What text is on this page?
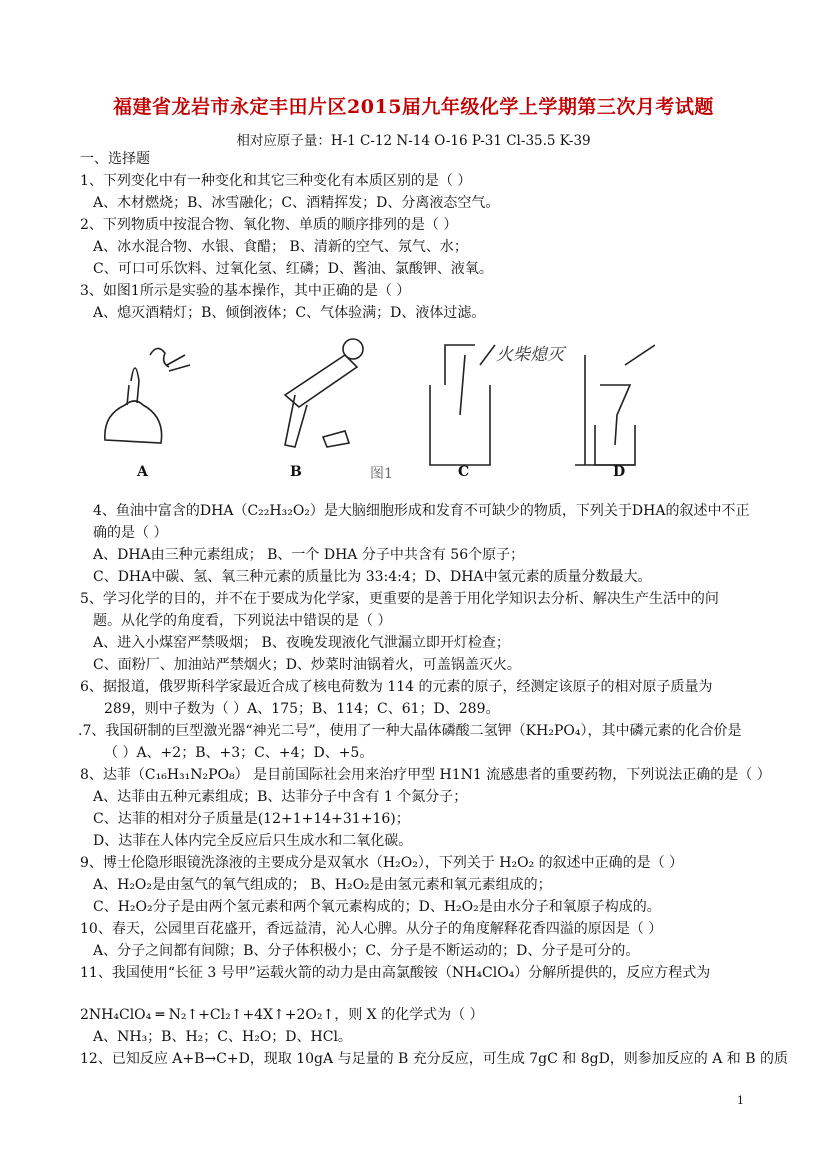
福建省龙岩市永定丰田片区2015届九年级化学上学期第三次月考试题
相对应原子量：H-1 C-12 N-14 O-16 P-31 Cl-35.5 K-39
一、选择题
1、下列变化中有一种变化和其它三种变化有本质区别的是（ ）
A、木材燃烧；B、冰雪融化；C、酒精挥发；D、分离液态空气。
2、下列物质中按混合物、氧化物、单质的顺序排列的是（ ）
A、冰水混合物、水银、食醋； B、清新的空气、氖气、水；
C、可口可乐饮料、过氧化氢、红磷；D、酱油、氯酸钾、液氧。
3、如图1所示是实验的基本操作，其中正确的是（ ）
A、熄灭酒精灯；B、倾倒液体；C、气体验满；D、液体过滤。
4、鱼油中富含的DHA（C₂₂H₃₂O₂）是大脑细胞形成和发育不可缺少的物质，下列关于DHA的叙述中不正
确的是（ ）
A、DHA由三种元素组成； B、一个 DHA 分子中共含有 56个原子；
C、DHA中碳、氢、氧三种元素的质量比为 33:4:4；D、DHA中氢元素的质量分数最大。
5、学习化学的目的，并不在于要成为化学家，更重要的是善于用化学知识去分析、解决生产生活中的问
题。从化学的角度看，下列说法中错误的是（ ）
A、进入小煤窑严禁吸烟； B、夜晚发现液化气泄漏立即开灯检查；
C、面粉厂、加油站严禁烟火；D、炒菜时油锅着火，可盖锅盖灭火。
6、据报道，俄罗斯科学家最近合成了核电荷数为 114 的元素的原子，经测定该原子的相对原子质量为
289，则中子数为（ ）A、175；B、114；C、61；D、289。
.7、我国研制的巨型激光器“神光二号”，使用了一种大晶体磷酸二氢钾（KH₂PO₄），其中磷元素的化合价是
（ ）A、+2；B、+3；C、+4；D、+5。
8、达菲（C₁₆H₃₁N₂PO₈） 是目前国际社会用来治疗甲型 H1N1 流感患者的重要药物，下列说法正确的是（ ）
A、达菲由五种元素组成；B、达菲分子中含有 1 个氮分子；
C、达菲的相对分子质量是(12+1+14+31+16)；
D、达菲在人体内完全反应后只生成水和二氧化碳。
9、博士伦隐形眼镜洗涤液的主要成分是双氧水（H₂O₂），下列关于 H₂O₂ 的叙述中正确的是（ ）
A、H₂O₂是由氢气的氧气组成的； B、H₂O₂是由氢元素和氧元素组成的；
C、H₂O₂分子是由两个氢元素和两个氧元素构成的；D、H₂O₂是由水分子和氧原子构成的。
10、春天，公园里百花盛开，香远益清，沁人心脾。从分子的角度解释花香四溢的原因是（ ）
A、分子之间都有间隙；B、分子体积极小；C、分子是不断运动的；D、分子是可分的。
11、我国使用“长征 3 号甲”运载火箭的动力是由高氯酸铵（NH₄ClO₄）分解所提供的，反应方程式为
2NH₄ClO₄ ═ N₂↑+Cl₂↑+4X↑+2O₂↑，则 X 的化学式为（ ）
A、NH₃；B、H₂；C、H₂O；D、HCl。
12、已知反应 A+B→C+D，现取 10gA 与足量的 B 充分反应，可生成 7gC 和 8gD，则参加反应的 A 和 B 的质
火柴熄灭
A	B	图1	C	D
1
